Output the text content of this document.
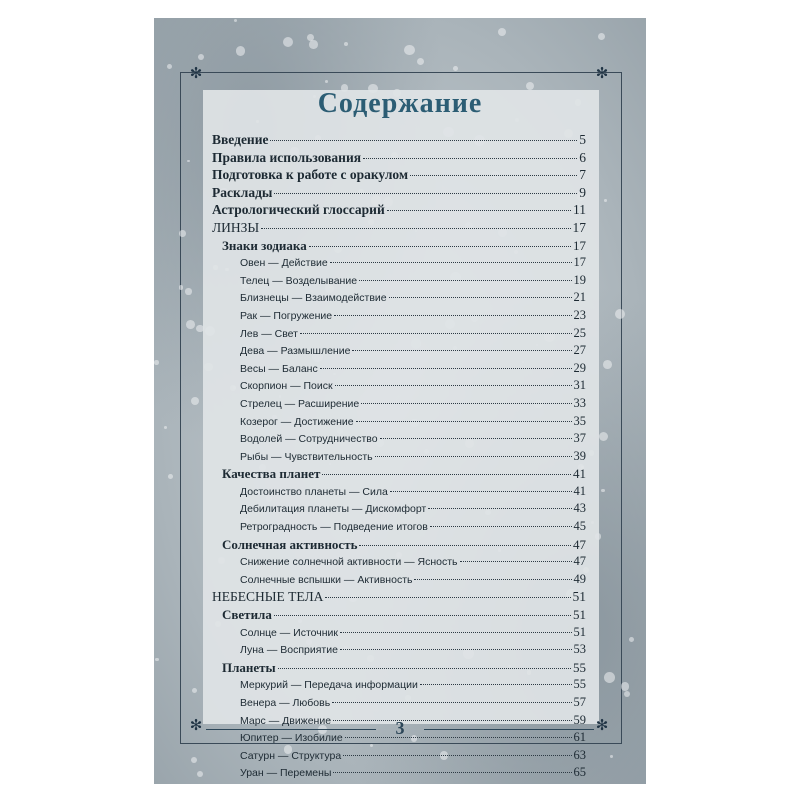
✻	✻
✻	✻
Содержание
Введение	5
Правила использования	6
Подготовка к работе с оракулом	7
Расклады	9
Астрологический глоссарий	11
ЛИНЗЫ	17
Знаки зодиака	17
Овен — Действие	17
Телец — Возделывание	19
Близнецы — Взаимодействие	21
Рак — Погружение	23
Лев — Свет	25
Дева — Размышление	27
Весы — Баланс	29
Скорпион — Поиск	31
Стрелец — Расширение	33
Козерог — Достижение	35
Водолей — Сотрудничество	37
Рыбы — Чувствительность	39
Качества планет	41
Достоинство планеты — Сила	41
Дебилитация планеты — Дискомфорт	43
Ретроградность — Подведение итогов	45
Солнечная активность	47
Снижение солнечной активности — Ясность	47
Солнечные вспышки — Активность	49
НЕБЕСНЫЕ ТЕЛА	51
Светила	51
Солнце — Источник	51
Луна — Восприятие	53
Планеты	55
Меркурий — Передача информации	55
Венера — Любовь	57
Марс — Движение	59
Юпитер — Изобилие	61
Сатурн — Структура	63
Уран — Перемены	65
3
